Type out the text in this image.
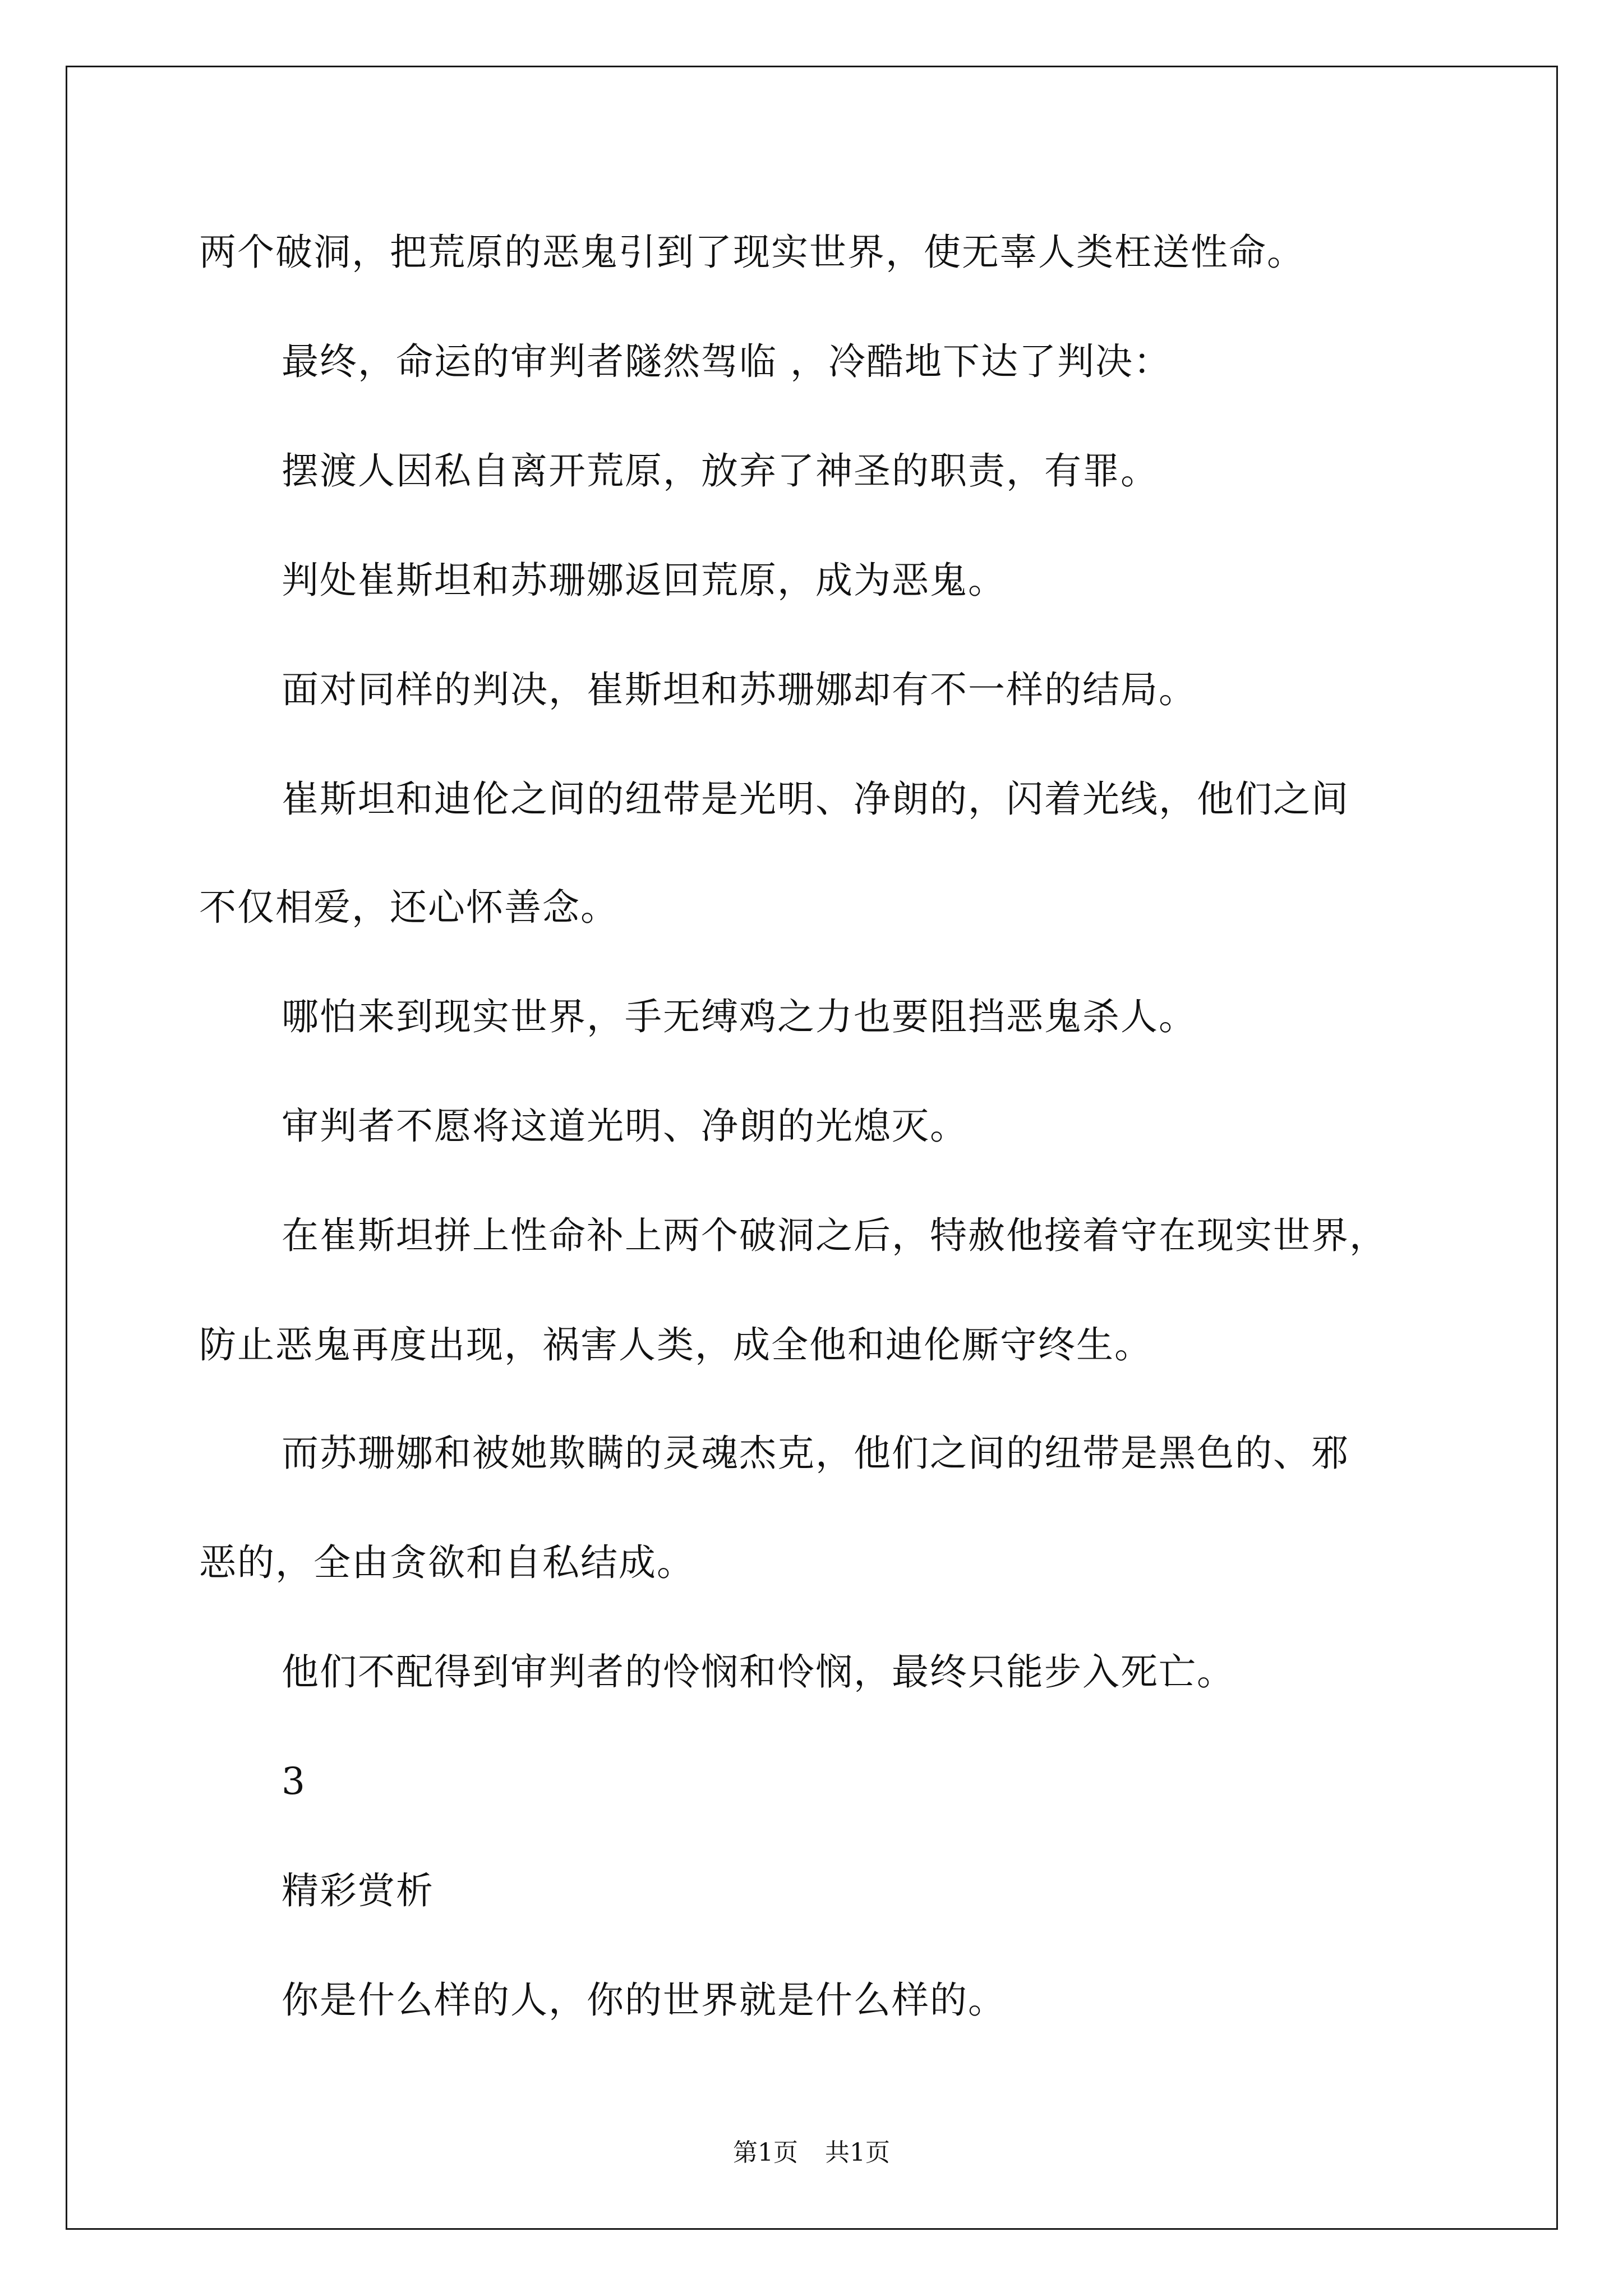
两个破洞，把荒原的恶鬼引到了现实世界，使无辜人类枉送性命。
最终，命运的审判者隧然驾临 ，冷酷地下达了判决：
摆渡人因私自离开荒原，放弃了神圣的职责，有罪。
判处崔斯坦和苏珊娜返回荒原，成为恶鬼。
面对同样的判决，崔斯坦和苏珊娜却有不一样的结局。
崔斯坦和迪伦之间的纽带是光明、净朗的，闪着光线，他们之间
不仅相爱，还心怀善念。
哪怕来到现实世界，手无缚鸡之力也要阻挡恶鬼杀人。
审判者不愿将这道光明、净朗的光熄灭。
在崔斯坦拼上性命补上两个破洞之后，特赦他接着守在现实世界，
防止恶鬼再度出现，祸害人类，成全他和迪伦厮守终生。
而苏珊娜和被她欺瞒的灵魂杰克，他们之间的纽带是黑色的、邪
恶的，全由贪欲和自私结成。
他们不配得到审判者的怜悯和怜悯，最终只能步入死亡。
3
精彩赏析
你是什么样的人，你的世界就是什么样的。
第1页 共1页
